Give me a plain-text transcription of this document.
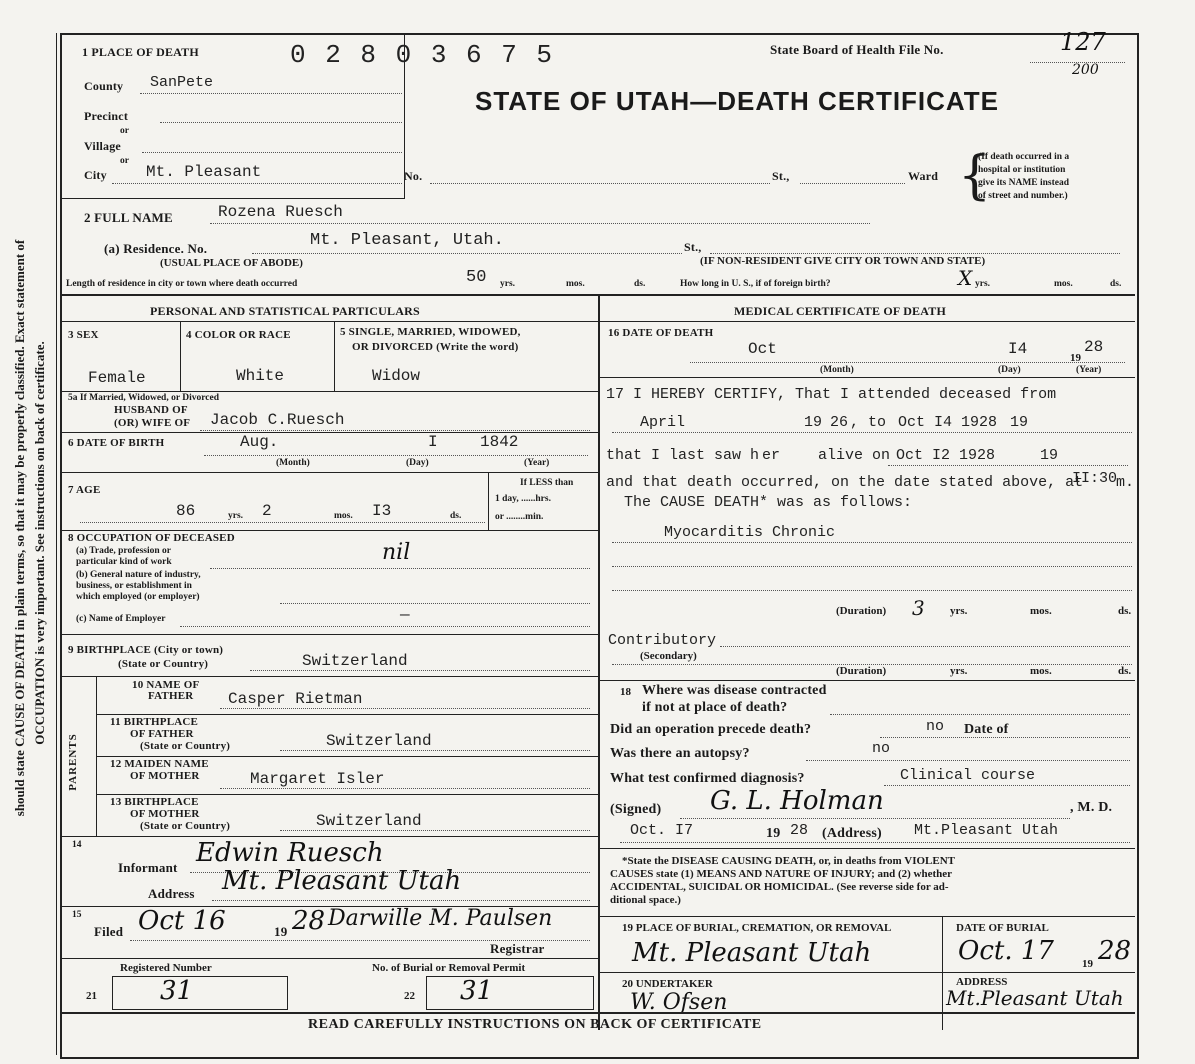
should state CAUSE OF DEATH in plain terms, so that it may be properly classified. Exact statement of OCCUPATION is very important. See instructions on back of certificate.
1 PLACE OF DEATH	0 2 8 0 3 6 7 5	State Board of Health File No.	127
200
STATE OF UTAH—DEATH CERTIFICATE
County SanPete
Precinct
or
Village
or
City Mt. Pleasant	No.	St.,	Ward {
(If death occurred in a
hospital or institution
give its NAME instead
of street and number.)
2 FULL NAME	Rozena Ruesch
(a) Residence. No.	Mt. Pleasant, Utah.	St.,
(USUAL PLACE OF ABODE)	(IF NON-RESIDENT GIVE CITY OR TOWN AND STATE)
Length of residence in city or town where death occurred	50 yrs.	mos.	ds.	How long in U. S., if of foreign birth?	X yrs.	mos.	ds.
PERSONAL AND STATISTICAL PARTICULARS
3 SEX	4 COLOR OR RACE	5 SINGLE, MARRIED, WIDOWED,
OR DIVORCED (Write the word)
Female	White	Widow
5a If Married, Widowed, or Divorced
HUSBAND OF
(OR) WIFE OF Jacob C.Ruesch
6 DATE OF BIRTH	Aug.	I	1842
(Month)	(Day)	(Year)
7 AGE
86	yrs. 2	mos. I3	ds.
If LESS than
1 day, ......hrs.
or ........min.
8 OCCUPATION OF DECEASED
(a) Trade, profession or
particular kind of work	nil
(b) General nature of industry,
business, or establishment in
which employed (or employer)
(c) Name of Employer	—
9 BIRTHPLACE (City or town)
(State or Country)	Switzerland
PARENTS
10 NAME OF
FATHER Casper Rietman
11 BIRTHPLACE
OF FATHER
(State or Country)	Switzerland
12 MAIDEN NAME
OF MOTHER	Margaret Isler
13 BIRTHPLACE
OF MOTHER
(State or Country)	Switzerland
14
Informant Edwin Ruesch
Address Mt. Pleasant Utah
15
Filed Oct 16	19 28 Darwille M. Paulsen
Registrar
Registered Number	No. of Burial or Removal Permit
21 31	22 31
MEDICAL CERTIFICATE OF DEATH
16 DATE OF DEATH
Oct	I4	19
28
(Month)	(Day)	(Year)
17 I HEREBY CERTIFY, That I attended deceased from
April	19 26 , to Oct I4 1928 19
that I last saw h er	alive on Oct I2 1928	19
and that death occurred, on the date stated above, at
II:30
m.
The CAUSE DEATH* was as follows:
Myocarditis Chronic
(Duration) 3 yrs.	mos.	ds.
Contributory
(Secondary)
(Duration)	yrs.	mos.	ds.
18 Where was disease contracted
if not at place of death?
Did an operation precede death?	no Date of
Was there an autopsy?	no
What test confirmed diagnosis?	Clinical course
(Signed) G. L. Holman	, M. D.
Oct. I7	19 28 (Address) Mt.Pleasant Utah
*State the DISEASE CAUSING DEATH, or, in deaths from VIOLENT
CAUSES state (1) MEANS AND NATURE OF INJURY; and (2) whether
ACCIDENTAL, SUICIDAL OR HOMICIDAL. (See reverse side for ad-
ditional space.)
19 PLACE OF BURIAL, CREMATION, OR REMOVAL
Mt. Pleasant Utah
DATE OF BURIAL
Oct. 17	19 28
20 UNDERTAKER
W. Ofsen
ADDRESS
Mt.Pleasant Utah
READ CAREFULLY INSTRUCTIONS ON BACK OF CERTIFICATE
